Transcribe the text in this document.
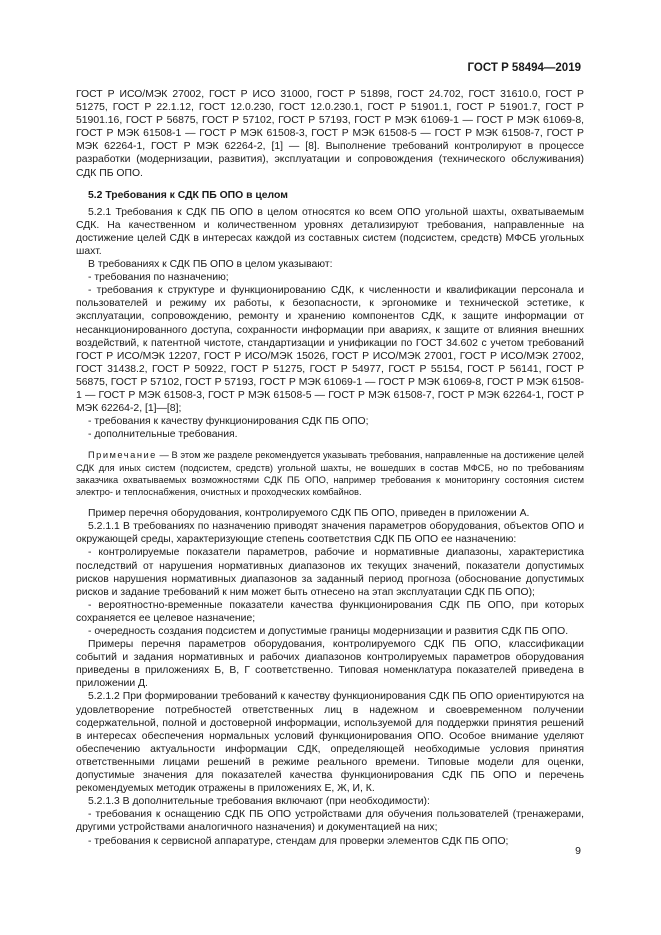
ГОСТ Р 58494—2019

ГОСТ Р ИСО/МЭК 27002, ГОСТ Р ИСО 31000, ГОСТ Р 51898, ГОСТ 24.702, ГОСТ 31610.0, ГОСТ Р 51275, ГОСТ Р 22.1.12, ГОСТ 12.0.230, ГОСТ 12.0.230.1, ГОСТ Р 51901.1, ГОСТ Р 51901.7, ГОСТ Р 51901.16, ГОСТ Р 56875, ГОСТ Р 57102, ГОСТ Р 57193, ГОСТ Р МЭК 61069-1 — ГОСТ Р МЭК 61069-8, ГОСТ Р МЭК 61508-1 — ГОСТ Р МЭК 61508-3, ГОСТ Р МЭК 61508-5 — ГОСТ Р МЭК 61508-7, ГОСТ Р МЭК 62264-1, ГОСТ Р МЭК 62264-2, [1] — [8]. Выполнение требований контролируют в процессе разработки (модернизации, развития), эксплуатации и сопровождения (технического обслуживания) СДК ПБ ОПО.

5.2 Требования к СДК ПБ ОПО в целом

5.2.1 Требования к СДК ПБ ОПО в целом относятся ко всем ОПО угольной шахты, охватываемым СДК. На качественном и количественном уровнях детализируют требования, направленные на достижение целей СДК в интересах каждой из составных систем (подсистем, средств) МФСБ угольных шахт.

В требованиях к СДК ПБ ОПО в целом указывают:

- требования по назначению;

- требования к структуре и функционированию СДК, к численности и квалификации персонала и пользователей и режиму их работы, к безопасности, к эргономике и технической эстетике, к эксплуатации, сопровождению, ремонту и хранению компонентов СДК, к защите информации от несанкционированного доступа, сохранности информации при авариях, к защите от влияния внешних воздействий, к патентной чистоте, стандартизации и унификации по ГОСТ 34.602 с учетом требований ГОСТ Р ИСО/МЭК 12207, ГОСТ Р ИСО/МЭК 15026, ГОСТ Р ИСО/МЭК 27001, ГОСТ Р ИСО/МЭК 27002, ГОСТ 31438.2, ГОСТ Р 50922, ГОСТ Р 51275, ГОСТ Р 54977, ГОСТ Р 55154, ГОСТ Р 56141, ГОСТ Р 56875, ГОСТ Р 57102, ГОСТ Р 57193, ГОСТ Р МЭК 61069-1 — ГОСТ Р МЭК 61069-8, ГОСТ Р МЭК 61508-1 — ГОСТ Р МЭК 61508-3, ГОСТ Р МЭК 61508-5 — ГОСТ Р МЭК 61508-7, ГОСТ Р МЭК 62264-1, ГОСТ Р МЭК 62264-2, [1]—[8];

- требования к качеству функционирования СДК ПБ ОПО;

- дополнительные требования.

Примечание — В этом же разделе рекомендуется указывать требования, направленные на достижение целей СДК для иных систем (подсистем, средств) угольной шахты, не вошедших в состав МФСБ, но по требованиям заказчика охватываемых возможностями СДК ПБ ОПО, например требования к мониторингу состояния систем электро- и теплоснабжения, очистных и проходческих комбайнов.

Пример перечня оборудования, контролируемого СДК ПБ ОПО, приведен в приложении А.

5.2.1.1 В требованиях по назначению приводят значения параметров оборудования, объектов ОПО и окружающей среды, характеризующие степень соответствия СДК ПБ ОПО ее назначению:

- контролируемые показатели параметров, рабочие и нормативные диапазоны, характеристика последствий от нарушения нормативных диапазонов их текущих значений, показатели допустимых рисков нарушения нормативных диапазонов за заданный период прогноза (обоснование допустимых рисков и задание требований к ним может быть отнесено на этап эксплуатации СДК ПБ ОПО);

- вероятностно-временные показатели качества функционирования СДК ПБ ОПО, при которых сохраняется ее целевое назначение;

- очередность создания подсистем и допустимые границы модернизации и развития СДК ПБ ОПО.

Примеры перечня параметров оборудования, контролируемого СДК ПБ ОПО, классификации событий и задания нормативных и рабочих диапазонов контролируемых параметров оборудования приведены в приложениях Б, В, Г соответственно. Типовая номенклатура показателей приведена в приложении Д.

5.2.1.2 При формировании требований к качеству функционирования СДК ПБ ОПО ориентируются на удовлетворение потребностей ответственных лиц в надежном и своевременном получении содержательной, полной и достоверной информации, используемой для поддержки принятия решений в интересах обеспечения нормальных условий функционирования ОПО. Особое внимание уделяют обеспечению актуальности информации СДК, определяющей необходимые условия принятия ответственными лицами решений в режиме реального времени. Типовые модели для оценки, допустимые значения для показателей качества функционирования СДК ПБ ОПО и перечень рекомендуемых методик отражены в приложениях Е, Ж, И, К.

5.2.1.3 В дополнительные требования включают (при необходимости):

- требования к оснащению СДК ПБ ОПО устройствами для обучения пользователей (тренажерами, другими устройствами аналогичного назначения) и документацией на них;

- требования к сервисной аппаратуре, стендам для проверки элементов СДК ПБ ОПО;

9
